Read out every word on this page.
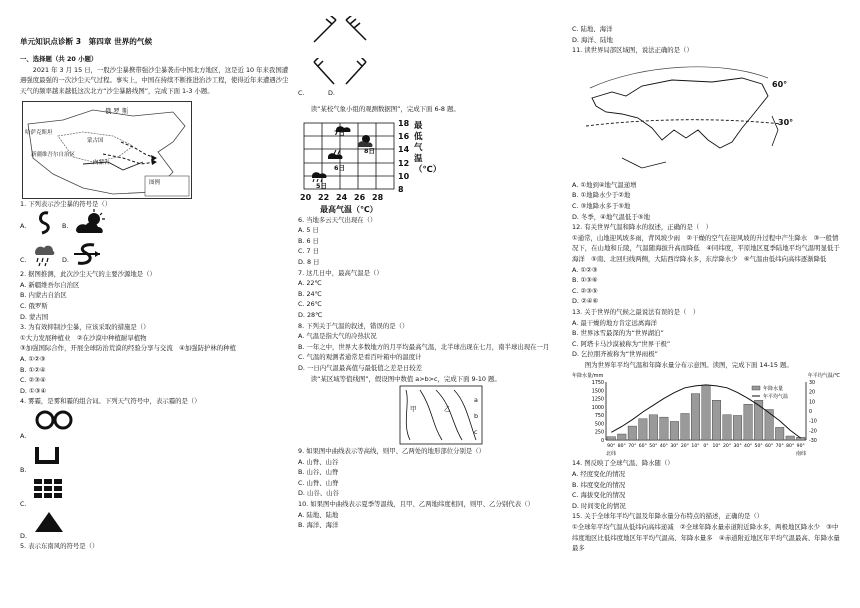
单元知识点诊断 3　第四章 世界的气候

一、选择题（共 20 小题）

2021 年 3 月 15 日，一股沙尘暴携带强沙尘暴袭击中国北方地区，这是近 10 年来我国遭遇强度最强的一次沙尘天气过程。事实上，中国在持续不断推进治沙工程，使得近年来遭遇沙尘天气的频率越来越低这次北方“沙尘暴路线图”，完成下面 1-3 小题。

俄 罗 斯
哈萨克斯坦
蒙古国
新疆维吾尔自治区
内蒙古
图例

1. 下列表示沙尘暴的符号是（）

A.	B.
C.	D.

2. 据图推测，此次沙尘天气的主要沙源地是（）

A. 新疆维吾尔自治区

B. 内蒙古自治区

C. 俄罗斯

D. 蒙古国

3. 为有效抑制沙尘暴，应该采取的措施是（）

①大力发展种植业　②在沙漠中种植耐旱植物

③加强国际合作，开展全球防治荒漠的经验分享与交流　④加强防护林的种植

A. ①②③

B. ①②④

C. ②③④

D. ①③④

4. 雾霾，是雾和霾的组合词。下列天气符号中，表示霾的是（）

A.
B.
C.
D.

5. 表示东南风的符号是（）

C.	D.

读“某校气象小组的观测数据图”，完成下面 6-8 题。

7日
8日
6日
5日
18
16
14
12
10
8
最低气温（℃）
20 22 24 26 28
最高气温（℃）

6. 当地多云天气出现在（）

A. 5 日

B. 6 日

C. 7 日

D. 8 日

7. 这几日中，最高气温是（）

A. 22℃

B. 24℃

C. 26℃

D. 28℃

8. 下列关于气温的叙述，错误的是（）

A. 气温是指大气的冷热状况

B. 一年之中，世界大多数地方的月平均最高气温，北半球出现在七月，南半球出现在一月

C. 气温的观测者通常是看百叶箱中的温度计

D. 一日内气温最高值与最低值之差是日较差

读“某区域等值线图”，假设图中数值 a>b>c，完成下面 9-10 题。

甲	乙
a
b
c

9. 如果图中曲线表示等高线，则甲、乙两处的地形部位分别是（）

A. 山脊、山谷

B. 山谷、山脊

C. 山脊、山脊

D. 山谷、山谷

10. 如果图中曲线表示夏季等温线，且甲、乙两地纬度相同，则甲、乙分别代表（）

A. 陆地、陆地

B. 海洋、海洋

C. 陆地、海洋

D. 海洋、陆地

11. 读世界局部区域图，说法正确的是（）

60°
30°

A. ①地到④地气温递增

B. ①地降水少于②地

C. ③地降水多于⑤地

D. 冬季，④地气温低于⑤地

12. 有关世界气温和降水的叙述，正确的是（　）

①通常，山地迎风坡多雨，背风坡少雨　②干燥的空气在迎风坡的升过程中产生降水　③一般情况下，在山地和丘陵，气温随海拔升高而降低　④同纬度，平原地区夏季陆地平均气温明显低于海洋　⑤南、北回归线两侧，大陆西岸降水多，东岸降水少　⑥气温由低纬向高纬逐渐降低

A. ①②③

B. ①③⑥

C. ②③⑤

D. ②④⑥

13. 关于世界的气候之最说法有误的是（　）

A. 最干燥的地方肯定远离海洋

B. 世界冰雪最深的为“世界湖泊”

C. 阿塔卡马沙漠被称为“世界干极”

D. 乞拉朋齐被称为“世界雨极”

图为世界年平均气温和年降水量分布示意图。读图，完成下面 14-15 题。

90° 80° 70° 60° 50° 40° 30° 20° 10° 0° 10° 20° 30° 40° 50° 60° 70° 80° 90°
1750
1500
1250
1000
750
500
250
0
30
20
10
0
-10
-20
-30
年降水量/mm	年平均气温/℃
北纬	南纬
年降水量
年平均气温

14. 图反映了全球气温、降水随（）

A. 经度变化的情况

B. 纬度变化的情况

C. 海拔变化的情况

D. 时间变化的情况

15. 关于全球年平均气温及年降水量分布特点的描述，正确的是（）

①全球年平均气温从低纬向高纬递减　②全球年降水量赤道附近降水多，两极地区降水少　③中纬度地区比低纬度地区年平均气温高、年降水量多　④赤道附近地区年平均气温最高、年降水量最多
